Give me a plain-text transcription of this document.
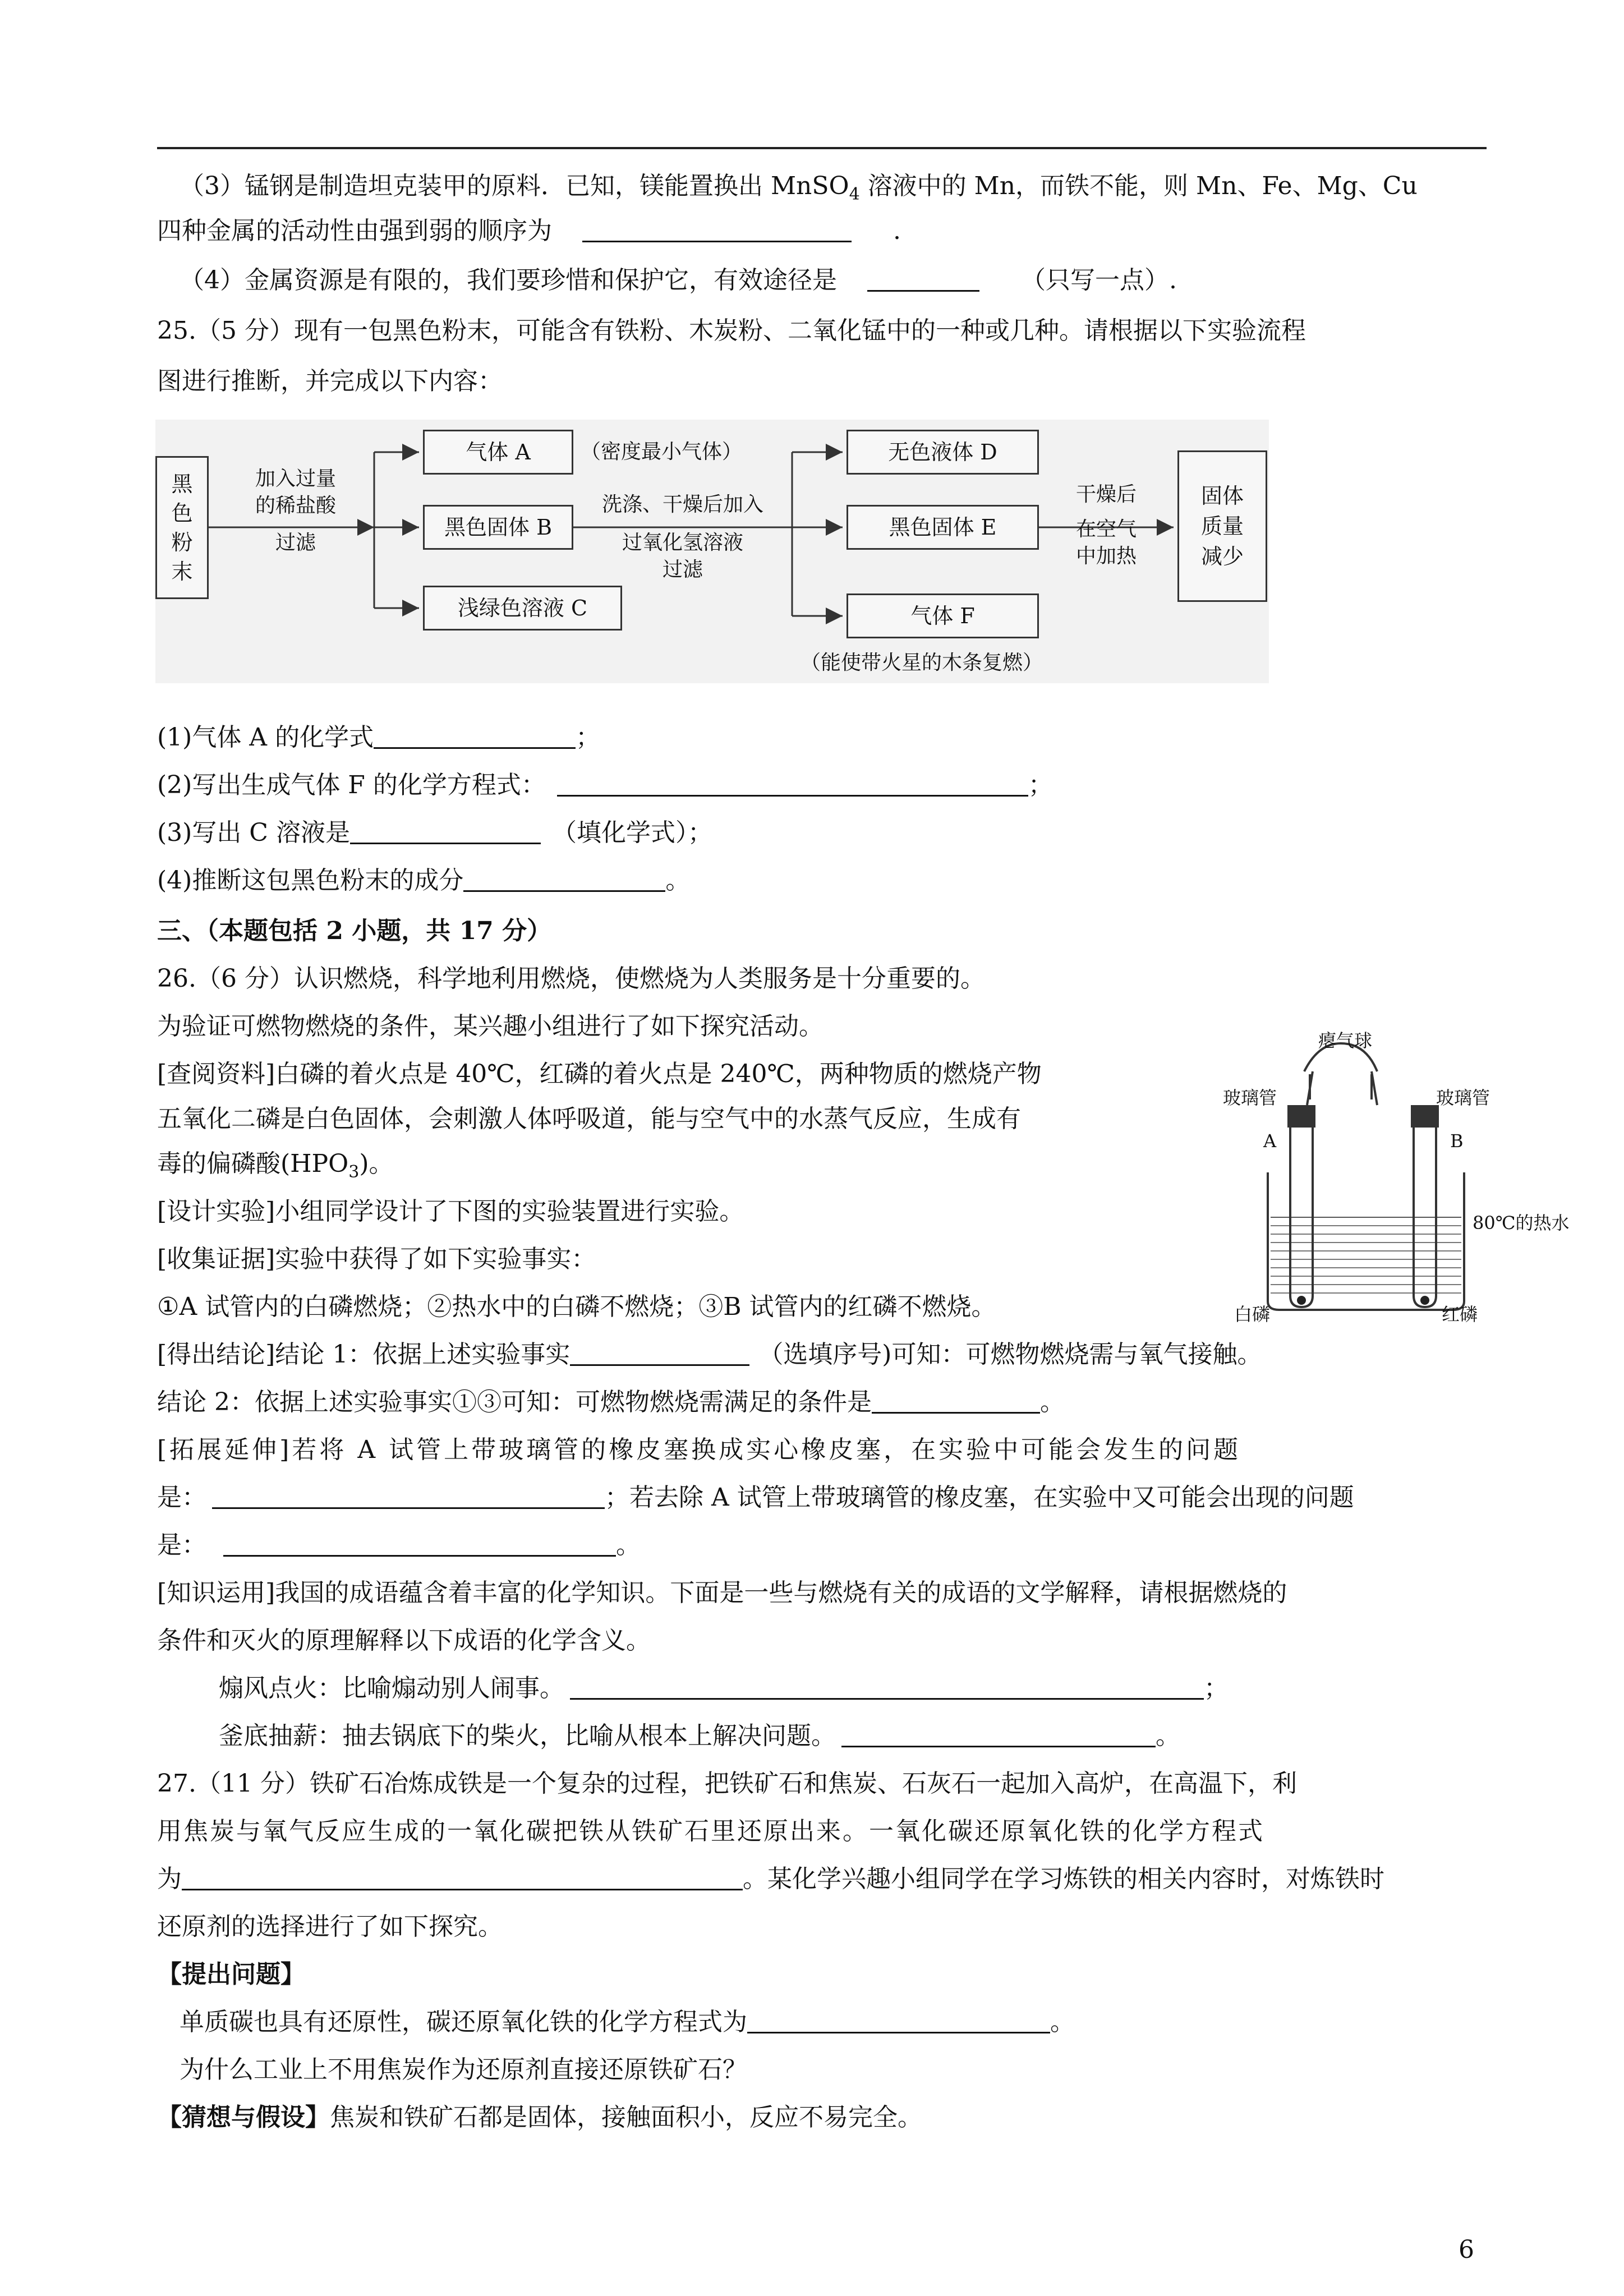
（3）锰钢是制造坦克装甲的原料．已知，镁能置换出 MnSO$_4$ 溶液中的 Mn，而铁不能，则 Mn、Fe、Mg、Cu
四种金属的活动性由强到弱的顺序为	.
（4）金属资源是有限的，我们要珍惜和保护它，有效途径是	（只写一点）.
25.（5 分）现有一包黑色粉末，可能含有铁粉、木炭粉、二氧化锰中的一种或几种。请根据以下实验流程
图进行推断，并完成以下内容：
黑色粉末
加入过量
的稀盐酸
过滤
气体 A	（密度最小气体）
黑色固体 B
浅绿色溶液 C
洗涤、干燥后加入
过氧化氢溶液
过滤
无色液体 D
黑色固体 E
气体 F
（能使带火星的木条复燃）
干燥后
在空气
中加热
固体质量减少
(1)气体 A 的化学式	；
(2)写出生成气体 F 的化学方程式：	；
(3)写出 C 溶液是	（填化学式）；
(4)推断这包黑色粉末的成分	。
三、（本题包括 2 小题，共 17 分）
26.（6 分）认识燃烧，科学地利用燃烧，使燃烧为人类服务是十分重要的。
为验证可燃物燃烧的条件，某兴趣小组进行了如下探究活动。
[查阅资料]白磷的着火点是 40℃，红磷的着火点是 240℃，两种物质的燃烧产物
五氧化二磷是白色固体，会刺激人体呼吸道，能与空气中的水蒸气反应，生成有
毒的偏磷酸$(HPO_3)$。
[设计实验]小组同学设计了下图的实验装置进行实验。
[收集证据]实验中获得了如下实验事实：
①A 试管内的白磷燃烧；②热水中的白磷不燃烧；③B 试管内的红磷不燃烧。
[得出结论]结论 1：依据上述实验事实	（选填序号)可知：可燃物燃烧需与氧气接触。
结论 2：依据上述实验事实①③可知：可燃物燃烧需满足的条件是	。
[拓展延伸]若将 A 试管上带玻璃管的橡皮塞换成实心橡皮塞，在实验中可能会发生的问题
是：	；若去除 A 试管上带玻璃管的橡皮塞，在实验中又可能会出现的问题
是：	。
[知识运用]我国的成语蕴含着丰富的化学知识。下面是一些与燃烧有关的成语的文学解释，请根据燃烧的
条件和灭火的原理解释以下成语的化学含义。
煽风点火：比喻煽动别人闹事。	；
釜底抽薪：抽去锅底下的柴火，比喻从根本上解决问题。	。
瘪气球
玻璃管	玻璃管
A	B
80℃的热水
白磷	红磷
27.（11 分）铁矿石冶炼成铁是一个复杂的过程，把铁矿石和焦炭、石灰石一起加入高炉，在高温下，利
用焦炭与氧气反应生成的一氧化碳把铁从铁矿石里还原出来。一氧化碳还原氧化铁的化学方程式
为	。某化学兴趣小组同学在学习炼铁的相关内容时，对炼铁时
还原剂的选择进行了如下探究。
【提出问题】
单质碳也具有还原性，碳还原氧化铁的化学方程式为	。
为什么工业上不用焦炭作为还原剂直接还原铁矿石？
【猜想与假设】焦炭和铁矿石都是固体，接触面积小，反应不易完全。
6
